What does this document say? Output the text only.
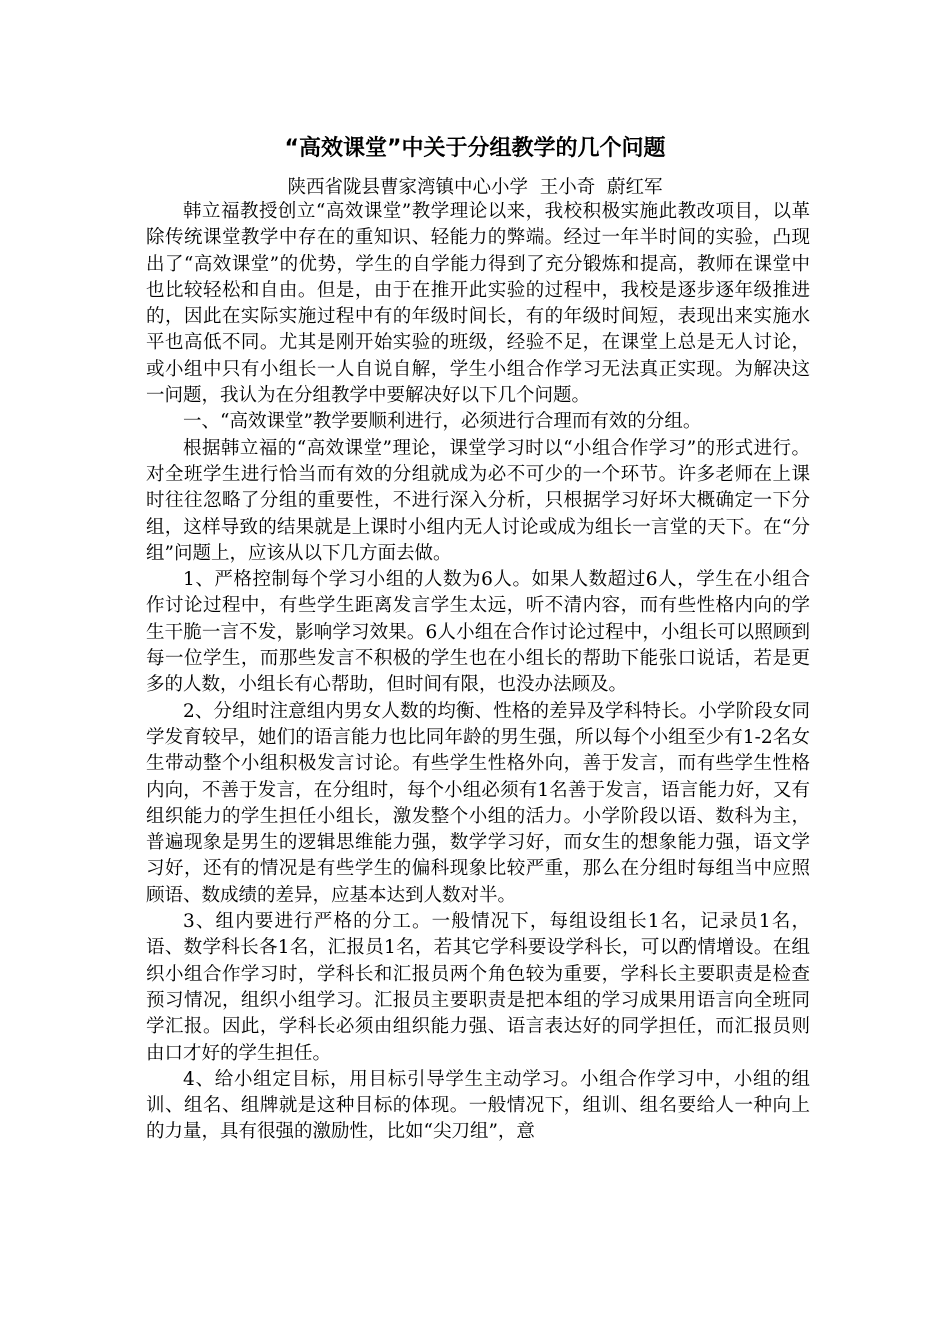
“高效课堂”中关于分组教学的几个问题

陕西省陇县曹家湾镇中心小学  王小奇  蔚红军

韩立福教授创立“高效课堂”教学理论以来，我校积极实施此教改项目，以革除传统课堂教学中存在的重知识、轻能力的弊端。经过一年半时间的实验，凸现出了“高效课堂”的优势，学生的自学能力得到了充分锻炼和提高，教师在课堂中也比较轻松和自由。但是，由于在推开此实验的过程中，我校是逐步逐年级推进的，因此在实际实施过程中有的年级时间长，有的年级时间短，表现出来实施水平也高低不同。尤其是刚开始实验的班级，经验不足，在课堂上总是无人讨论，或小组中只有小组长一人自说自解，学生小组合作学习无法真正实现。为解决这一问题，我认为在分组教学中要解决好以下几个问题。

一、“高效课堂”教学要顺利进行，必须进行合理而有效的分组。

根据韩立福的“高效课堂”理论，课堂学习时以“小组合作学习”的形式进行。对全班学生进行恰当而有效的分组就成为必不可少的一个环节。许多老师在上课时往往忽略了分组的重要性，不进行深入分析，只根据学习好坏大概确定一下分组，这样导致的结果就是上课时小组内无人讨论或成为组长一言堂的天下。在“分组”问题上，应该从以下几方面去做。

1、严格控制每个学习小组的人数为6人。如果人数超过6人，学生在小组合作讨论过程中，有些学生距离发言学生太远，听不清内容，而有些性格内向的学生干脆一言不发，影响学习效果。6人小组在合作讨论过程中，小组长可以照顾到每一位学生，而那些发言不积极的学生也在小组长的帮助下能张口说话，若是更多的人数，小组长有心帮助，但时间有限，也没办法顾及。

2、分组时注意组内男女人数的均衡、性格的差异及学科特长。小学阶段女同学发育较早，她们的语言能力也比同年龄的男生强，所以每个小组至少有1-2名女生带动整个小组积极发言讨论。有些学生性格外向，善于发言，而有些学生性格内向，不善于发言，在分组时，每个小组必须有1名善于发言，语言能力好，又有组织能力的学生担任小组长，激发整个小组的活力。小学阶段以语、数科为主，普遍现象是男生的逻辑思维能力强，数学学习好，而女生的想象能力强，语文学习好，还有的情况是有些学生的偏科现象比较严重，那么在分组时每组当中应照顾语、数成绩的差异，应基本达到人数对半。

3、组内要进行严格的分工。一般情况下，每组设组长1名，记录员1名，语、数学科长各1名，汇报员1名，若其它学科要设学科长，可以酌情增设。在组织小组合作学习时，学科长和汇报员两个角色较为重要，学科长主要职责是检查预习情况，组织小组学习。汇报员主要职责是把本组的学习成果用语言向全班同学汇报。因此，学科长必须由组织能力强、语言表达好的同学担任，而汇报员则由口才好的学生担任。

4、给小组定目标，用目标引导学生主动学习。小组合作学习中，小组的组训、组名、组牌就是这种目标的体现。一般情况下，组训、组名要给人一种向上的力量，具有很强的激励性，比如“尖刀组”，意
